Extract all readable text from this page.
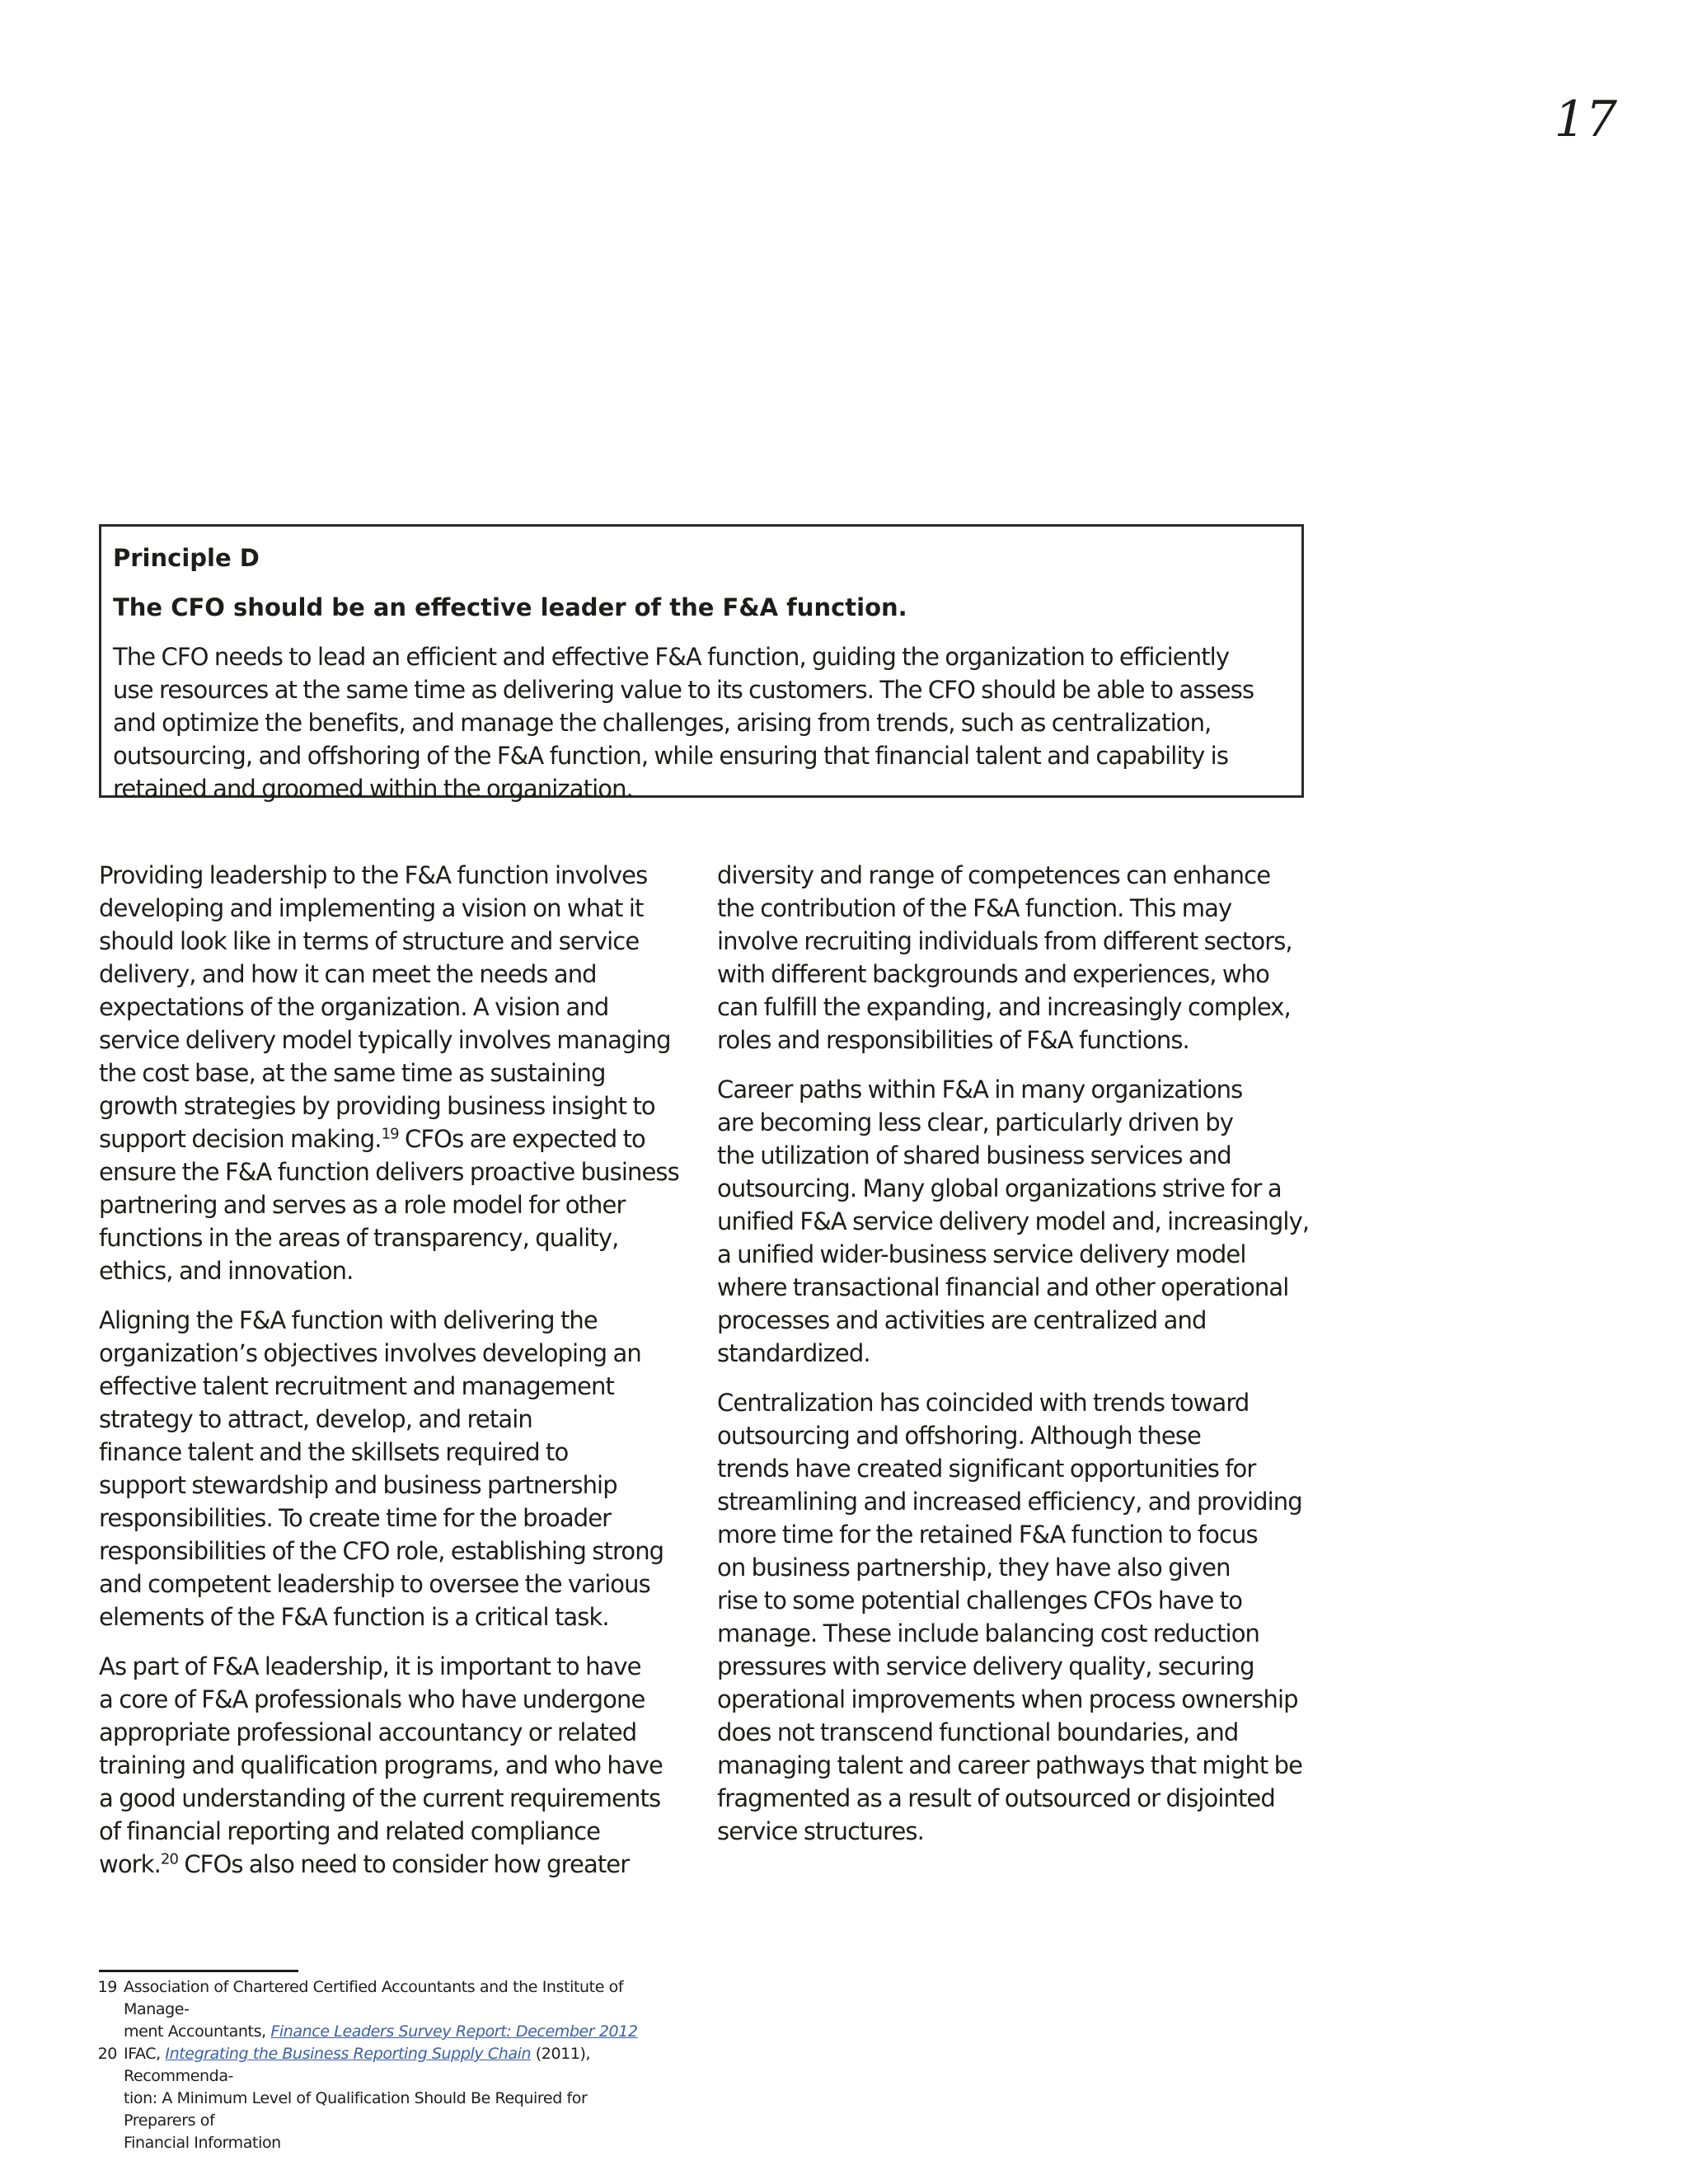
17
Principle D
The CFO should be an effective leader of the F&A function.
The CFO needs to lead an efficient and effective F&A function, guiding the organization to efficiently
use resources at the same time as delivering value to its customers. The CFO should be able to assess
and optimize the benefits, and manage the challenges, arising from trends, such as centralization,
outsourcing, and offshoring of the F&A function, while ensuring that financial talent and capability is
retained and groomed within the organization.

Providing leadership to the F&A function involves
developing and implementing a vision on what it
should look like in terms of structure and service
delivery, and how it can meet the needs and
expectations of the organization. A vision and
service delivery model typically involves managing
the cost base, at the same time as sustaining
growth strategies by providing business insight to
support decision making.$^{19}$ CFOs are expected to
ensure the F&A function delivers proactive business
partnering and serves as a role model for other
functions in the areas of transparency, quality,
ethics, and innovation.

Aligning the F&A function with delivering the
organization’s objectives involves developing an
effective talent recruitment and management
strategy to attract, develop, and retain
finance talent and the skillsets required to
support stewardship and business partnership
responsibilities. To create time for the broader
responsibilities of the CFO role, establishing strong
and competent leadership to oversee the various
elements of the F&A function is a critical task.

As part of F&A leadership, it is important to have
a core of F&A professionals who have undergone
appropriate professional accountancy or related
training and qualification programs, and who have
a good understanding of the current requirements
of financial reporting and related compliance
work.$^{20}$ CFOs also need to consider how greater

diversity and range of competences can enhance
the contribution of the F&A function. This may
involve recruiting individuals from different sectors,
with different backgrounds and experiences, who
can fulfill the expanding, and increasingly complex,
roles and responsibilities of F&A functions.

Career paths within F&A in many organizations
are becoming less clear, particularly driven by
the utilization of shared business services and
outsourcing. Many global organizations strive for a
unified F&A service delivery model and, increasingly,
a unified wider-business service delivery model
where transactional financial and other operational
processes and activities are centralized and
standardized.

Centralization has coincided with trends toward
outsourcing and offshoring. Although these
trends have created significant opportunities for
streamlining and increased efficiency, and providing
more time for the retained F&A function to focus
on business partnership, they have also given
rise to some potential challenges CFOs have to
manage. These include balancing cost reduction
pressures with service delivery quality, securing
operational improvements when process ownership
does not transcend functional boundaries, and
managing talent and career pathways that might be
fragmented as a result of outsourced or disjointed
service structures.

19 Association of Chartered Certified Accountants and the Institute of Manage-
ment Accountants, Finance Leaders Survey Report: December 2012
20 IFAC, Integrating the Business Reporting Supply Chain (2011), Recommenda-
tion: A Minimum Level of Qualification Should Be Required for Preparers of
Financial Information
